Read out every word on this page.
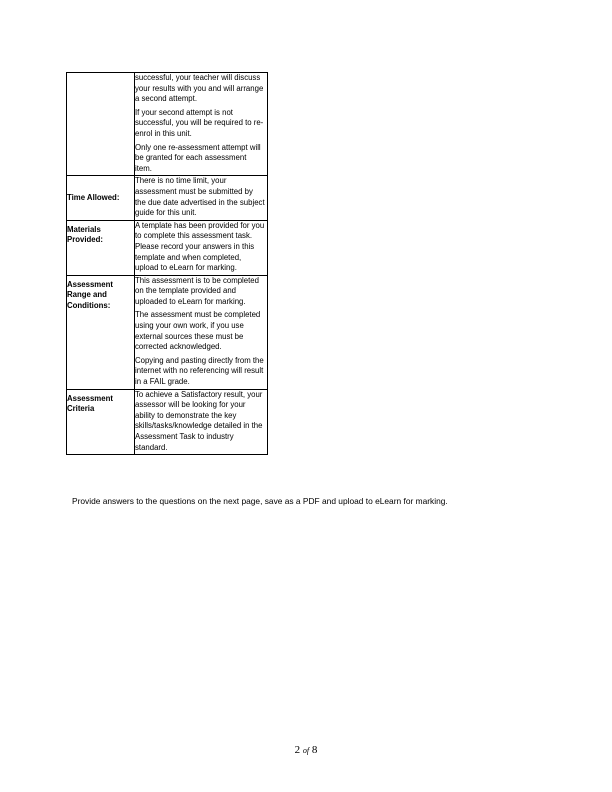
	successful, your teacher will discuss your results with you and will arrange a second attempt.
If your second attempt is not successful, you will be required to re-enrol in this unit.
Only one re-assessment attempt will be granted for each assessment item.

Time Allowed:	There is no time limit, your assessment must be submitted by the due date advertised in the subject guide for this unit.

Materials Provided:	A template has been provided for you to complete this assessment task. Please record your answers in this template and when completed, upload to eLearn for marking.

Assessment Range and Conditions:	This assessment is to be completed on the template provided and uploaded to eLearn for marking.
The assessment must be completed using your own work, if you use external sources these must be corrected acknowledged.
Copying and pasting directly from the internet with no referencing will result in a FAIL grade.

Assessment Criteria	To achieve a Satisfactory result, your assessor will be looking for your ability to demonstrate the key skills/tasks/knowledge detailed in the Assessment Task to industry standard.
Provide answers to the questions on the next page, save as a PDF and upload to eLearn for marking.
2 of 8
